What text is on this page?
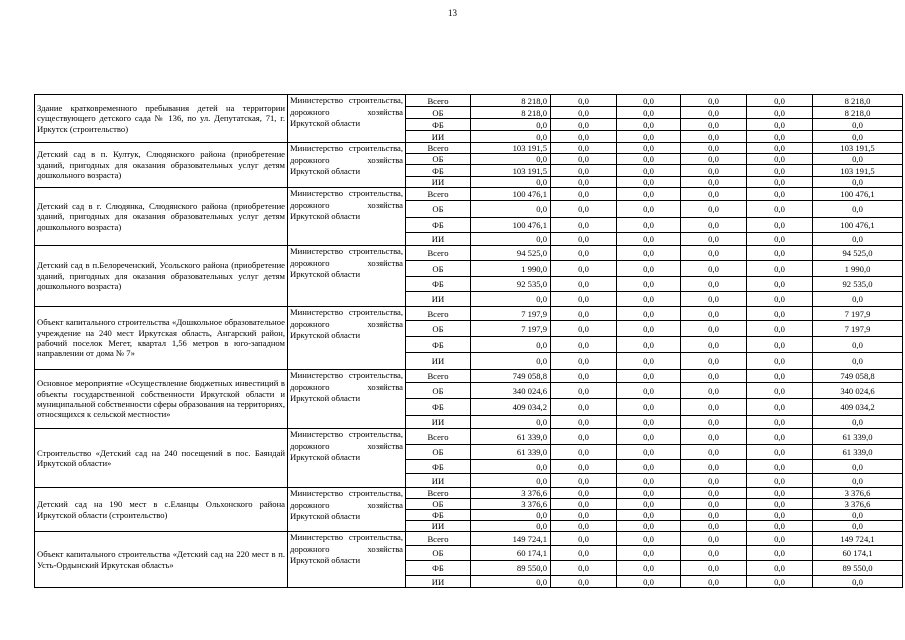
13
Здание кратковременного пребывания детей на территории существующего детского сада № 136, по ул. Депутатская, 71, г. Иркутск (строительство)	Министерство строительства, дорожного хозяйства Иркутской области	Всего	8 218,0	0,0	0,0	0,0	0,0	8 218,0
		ОБ	8 218,0	0,0	0,0	0,0	0,0	8 218,0
		ФБ	0,0	0,0	0,0	0,0	0,0	0,0
		ИИ	0,0	0,0	0,0	0,0	0,0	0,0
Детский сад в п. Култук, Слюдянского района (приобретение зданий, пригодных для оказания образовательных услуг детям дошкольного возраста)	Министерство строительства, дорожного хозяйства Иркутской области	Всего	103 191,5	0,0	0,0	0,0	0,0	103 191,5
		ОБ	0,0	0,0	0,0	0,0	0,0	0,0
		ФБ	103 191,5	0,0	0,0	0,0	0,0	103 191,5
		ИИ	0,0	0,0	0,0	0,0	0,0	0,0
Детский сад в г. Слюдянка, Слюдянского района (приобретение зданий, пригодных для оказания образовательных услуг детям дошкольного возраста)	Министерство строительства, дорожного хозяйства Иркутской области	Всего	100 476,1	0,0	0,0	0,0	0,0	100 476,1
		ОБ	0,0	0,0	0,0	0,0	0,0	0,0
		ФБ	100 476,1	0,0	0,0	0,0	0,0	100 476,1
		ИИ	0,0	0,0	0,0	0,0	0,0	0,0
Детский сад в п.Белореченский, Усольского района (приобретение зданий, пригодных для оказания образовательных услуг детям дошкольного возраста)	Министерство строительства, дорожного хозяйства Иркутской области	Всего	94 525,0	0,0	0,0	0,0	0,0	94 525,0
		ОБ	1 990,0	0,0	0,0	0,0	0,0	1 990,0
		ФБ	92 535,0	0,0	0,0	0,0	0,0	92 535,0
		ИИ	0,0	0,0	0,0	0,0	0,0	0,0
Объект капитального строительства «Дошкольное образовательное учреждение на 240 мест Иркутская область, Ангарский район, рабочий поселок Мегет, квартал 1,56 метров в юго-западном направлении от дома № 7»	Министерство строительства, дорожного хозяйства Иркутской области	Всего	7 197,9	0,0	0,0	0,0	0,0	7 197,9
		ОБ	7 197,9	0,0	0,0	0,0	0,0	7 197,9
		ФБ	0,0	0,0	0,0	0,0	0,0	0,0
		ИИ	0,0	0,0	0,0	0,0	0,0	0,0
Основное мероприятие «Осуществление бюджетных инвестиций в объекты государственной собственности Иркутской области и муниципальной собственности сферы образования на территориях, относящихся к сельской местности»	Министерство строительства, дорожного хозяйства Иркутской области	Всего	749 058,8	0,0	0,0	0,0	0,0	749 058,8
		ОБ	340 024,6	0,0	0,0	0,0	0,0	340 024,6
		ФБ	409 034,2	0,0	0,0	0,0	0,0	409 034,2
		ИИ	0,0	0,0	0,0	0,0	0,0	0,0
Строительство «Детский сад на 240 посещений в пос. Баяндай Иркутской области»	Министерство строительства, дорожного хозяйства Иркутской области	Всего	61 339,0	0,0	0,0	0,0	0,0	61 339,0
		ОБ	61 339,0	0,0	0,0	0,0	0,0	61 339,0
		ФБ	0,0	0,0	0,0	0,0	0,0	0,0
		ИИ	0,0	0,0	0,0	0,0	0,0	0,0
Детский сад на 190 мест в с.Еланцы Ольхонского района Иркутской области (строительство)	Министерство строительства, дорожного хозяйства Иркутской области	Всего	3 376,6	0,0	0,0	0,0	0,0	3 376,6
		ОБ	3 376,6	0,0	0,0	0,0	0,0	3 376,6
		ФБ	0,0	0,0	0,0	0,0	0,0	0,0
		ИИ	0,0	0,0	0,0	0,0	0,0	0,0
Объект капитального строительства «Детский сад на 220 мест в п. Усть-Ордынский Иркутская область»	Министерство строительства, дорожного хозяйства Иркутской области	Всего	149 724,1	0,0	0,0	0,0	0,0	149 724,1
		ОБ	60 174,1	0,0	0,0	0,0	0,0	60 174,1
		ФБ	89 550,0	0,0	0,0	0,0	0,0	89 550,0
		ИИ	0,0	0,0	0,0	0,0	0,0	0,0
